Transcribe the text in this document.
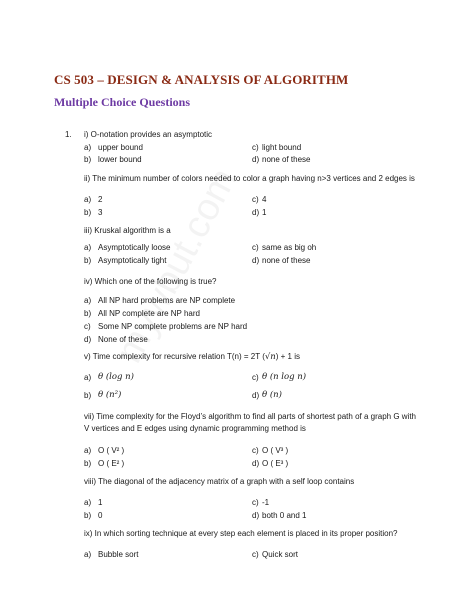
CS 503 – DESIGN & ANALYSIS OF ALGORITHM
Multiple Choice Questions
1. i) O-notation provides an asymptotic
a) upper bound
b) lower bound
c) light bound
d) none of these
ii) The minimum number of colors needed to color a graph having n>3 vertices and 2 edges is
a) 2
b) 3
c) 4
d) 1
iii) Kruskal algorithm is a
a) Asymptotically loose
b) Asymptotically tight
c) same as big oh
d) none of these
iv) Which one of the following is true?
a) All NP hard problems are NP complete
b) All NP complete are NP hard
c) Some NP complete problems are NP hard
d) None of these
v) Time complexity for recursive relation T(n) = 2T (√n) + 1 is
a) θ (log n)
b) θ (n²)
c) θ (n log n)
d) θ (n)
vii) Time complexity for the Floyd’s algorithm to find all parts of shortest path of a graph G with
V vertices and E edges using dynamic programming method is
a) O ( V² )
b) O ( E² )
c) O ( V³ )
d) O ( E³ )
viii) The diagonal of the adjacency matrix of a graph with a self loop contains
a) 1
b) 0
c) -1
d) both 0 and 1
ix) In which sorting technique at every step each element is placed in its proper position?
a) Bubble sort	c) Quick sort
